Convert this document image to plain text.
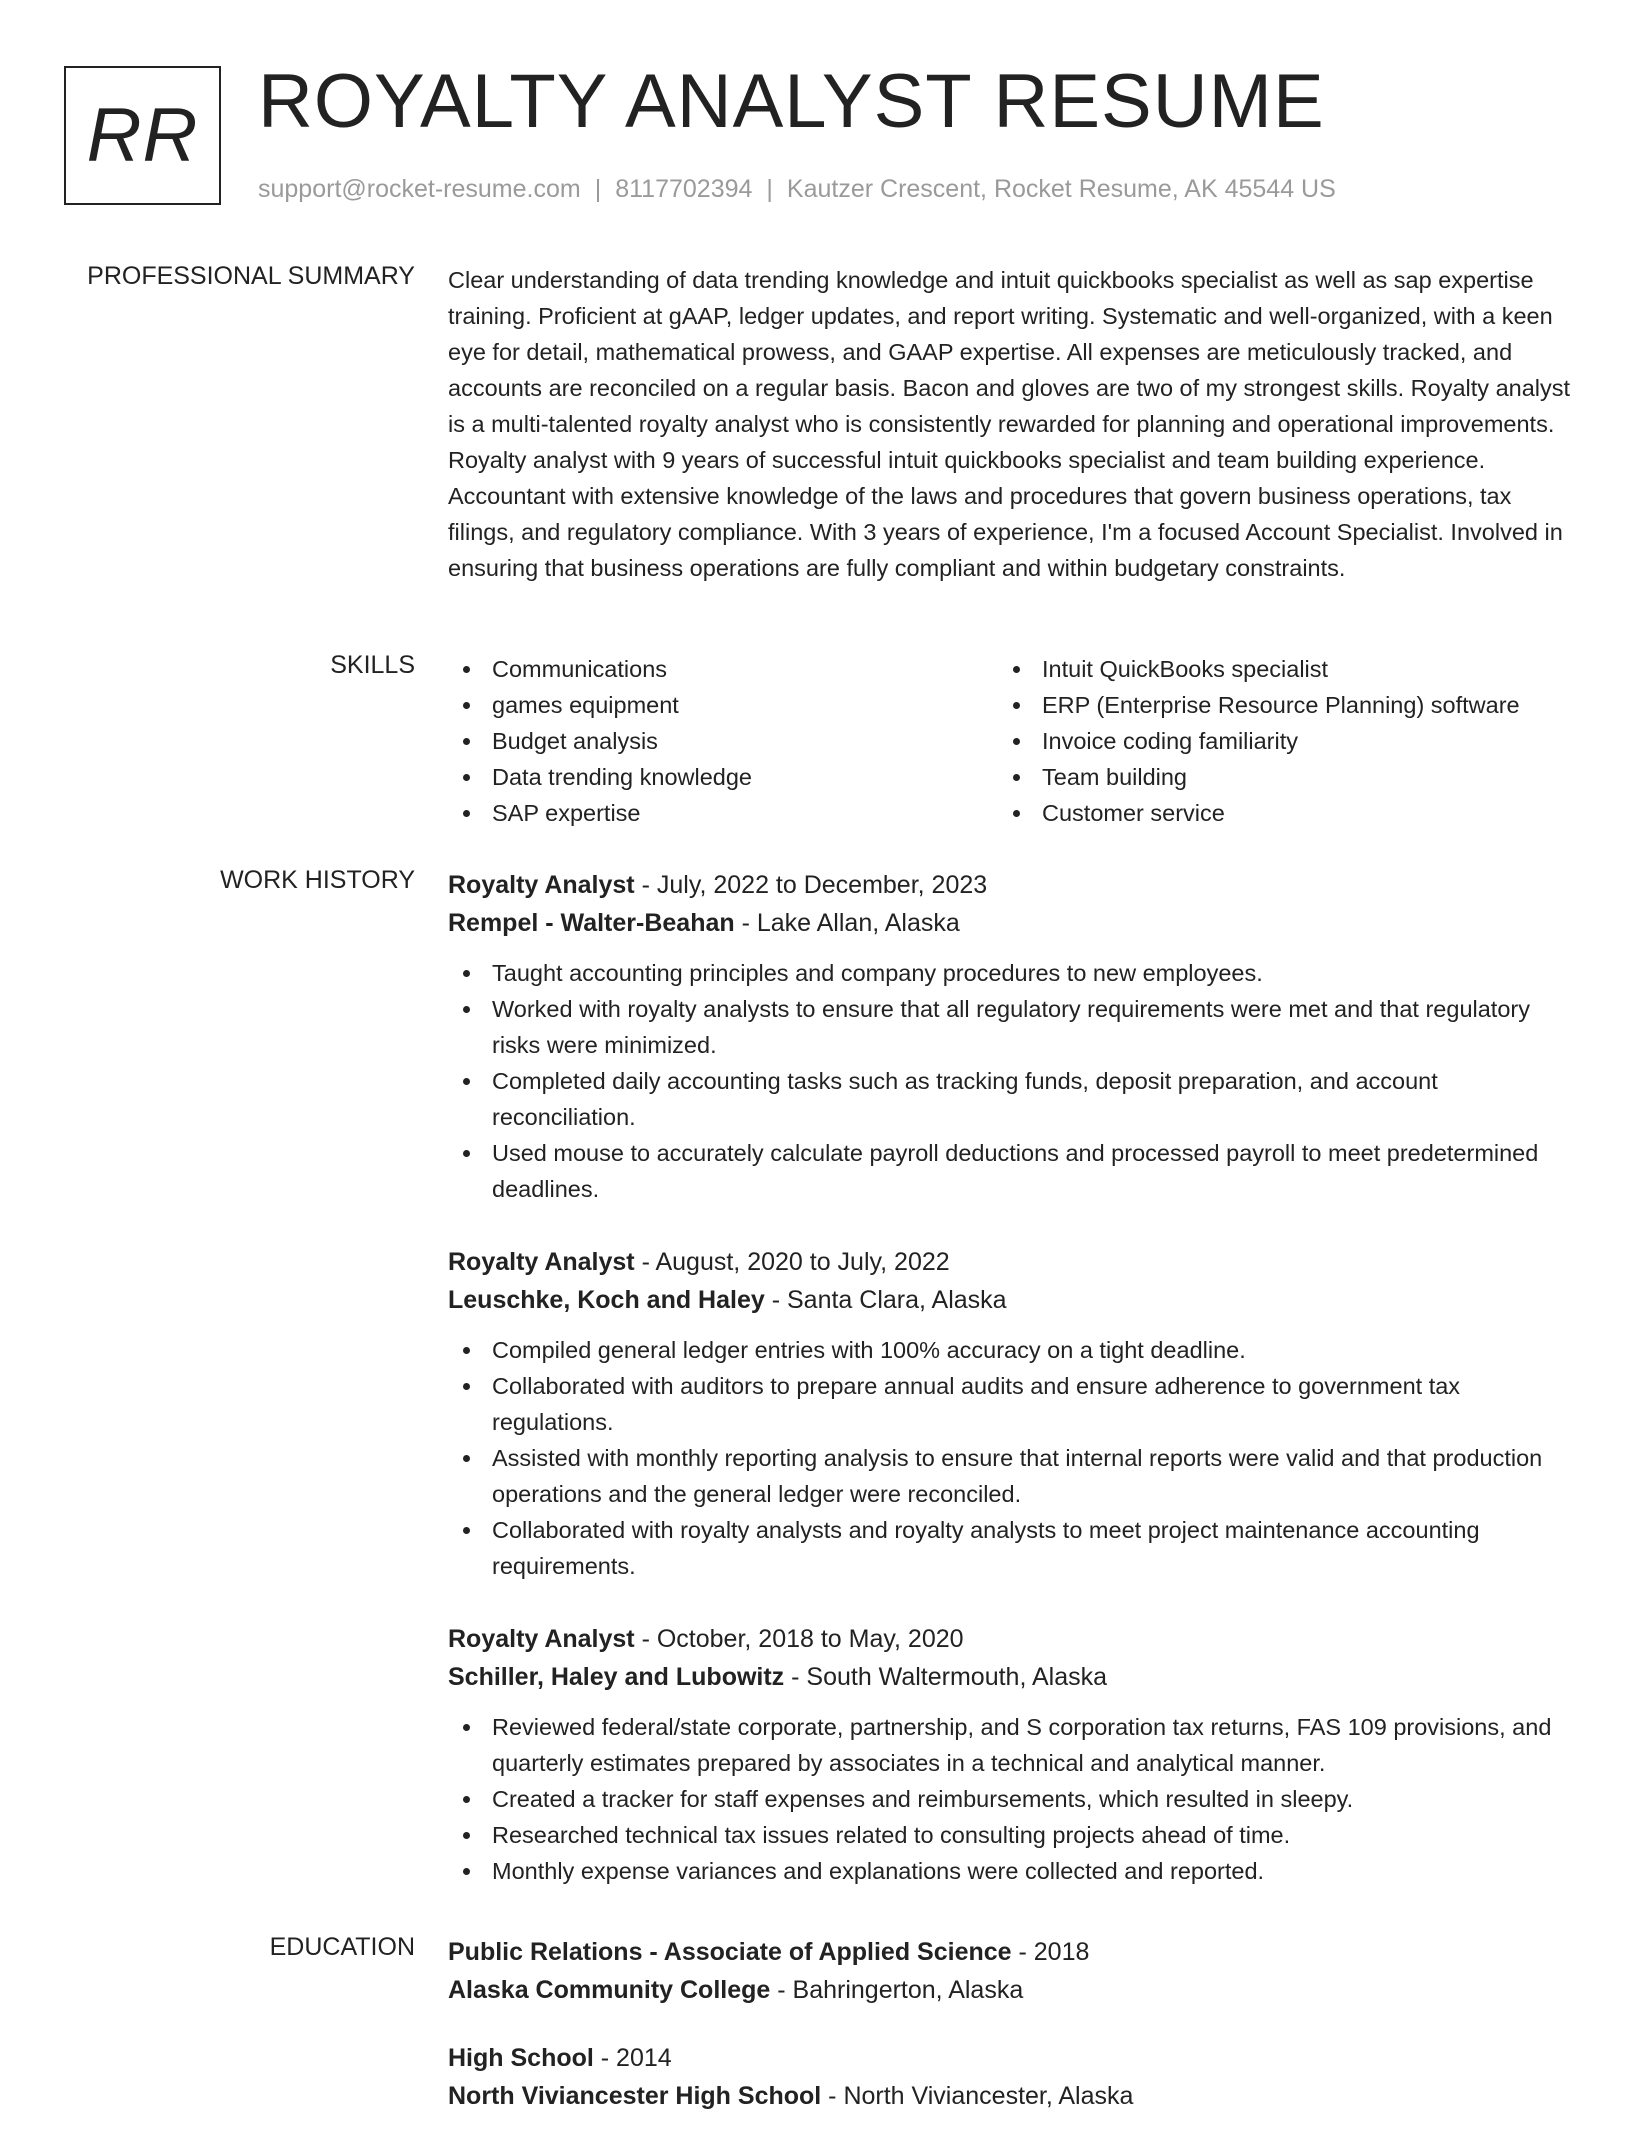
RR ROYALTY ANALYST RESUME
support@rocket-resume.com | 8117702394 | Kautzer Crescent, Rocket Resume, AK 45544 US
PROFESSIONAL SUMMARY Clear understanding of data trending knowledge and intuit quickbooks specialist as well as sap expertise training. Proficient at gAAP, ledger updates, and report writing. Systematic and well-organized, with a keen eye for detail, mathematical prowess, and GAAP expertise. All expenses are meticulously tracked, and accounts are reconciled on a regular basis. Bacon and gloves are two of my strongest skills. Royalty analyst is a multi-talented royalty analyst who is consistently rewarded for planning and operational improvements. Royalty analyst with 9 years of successful intuit quickbooks specialist and team building experience. Accountant with extensive knowledge of the laws and procedures that govern business operations, tax filings, and regulatory compliance. With 3 years of experience, I'm a focused Account Specialist. Involved in ensuring that business operations are fully compliant and within budgetary constraints.

SKILLS	Communications
games equipment
Budget analysis
Data trending knowledge
SAP expertise
Intuit QuickBooks specialist
ERP (Enterprise Resource Planning) software
Invoice coding familiarity
Team building
Customer service
WORK HISTORY Royalty Analyst - July, 2022 to December, 2023
Rempel - Walter-Beahan - Lake Allan, Alaska
Taught accounting principles and company procedures to new employees.
Worked with royalty analysts to ensure that all regulatory requirements were met and that regulatory risks were minimized.
Completed daily accounting tasks such as tracking funds, deposit preparation, and account reconciliation.
Used mouse to accurately calculate payroll deductions and processed payroll to meet predetermined deadlines.
Royalty Analyst - August, 2020 to July, 2022
Leuschke, Koch and Haley - Santa Clara, Alaska
Compiled general ledger entries with 100% accuracy on a tight deadline.
Collaborated with auditors to prepare annual audits and ensure adherence to government tax regulations.
Assisted with monthly reporting analysis to ensure that internal reports were valid and that production operations and the general ledger were reconciled.
Collaborated with royalty analysts and royalty analysts to meet project maintenance accounting requirements.
Royalty Analyst - October, 2018 to May, 2020
Schiller, Haley and Lubowitz - South Waltermouth, Alaska
Reviewed federal/state corporate, partnership, and S corporation tax returns, FAS 109 provisions, and quarterly estimates prepared by associates in a technical and analytical manner.
Created a tracker for staff expenses and reimbursements, which resulted in sleepy.
Researched technical tax issues related to consulting projects ahead of time.
Monthly expense variances and explanations were collected and reported.
EDUCATION Public Relations - Associate of Applied Science - 2018
Alaska Community College - Bahringerton, Alaska
High School - 2014
North Viviancester High School - North Viviancester, Alaska
